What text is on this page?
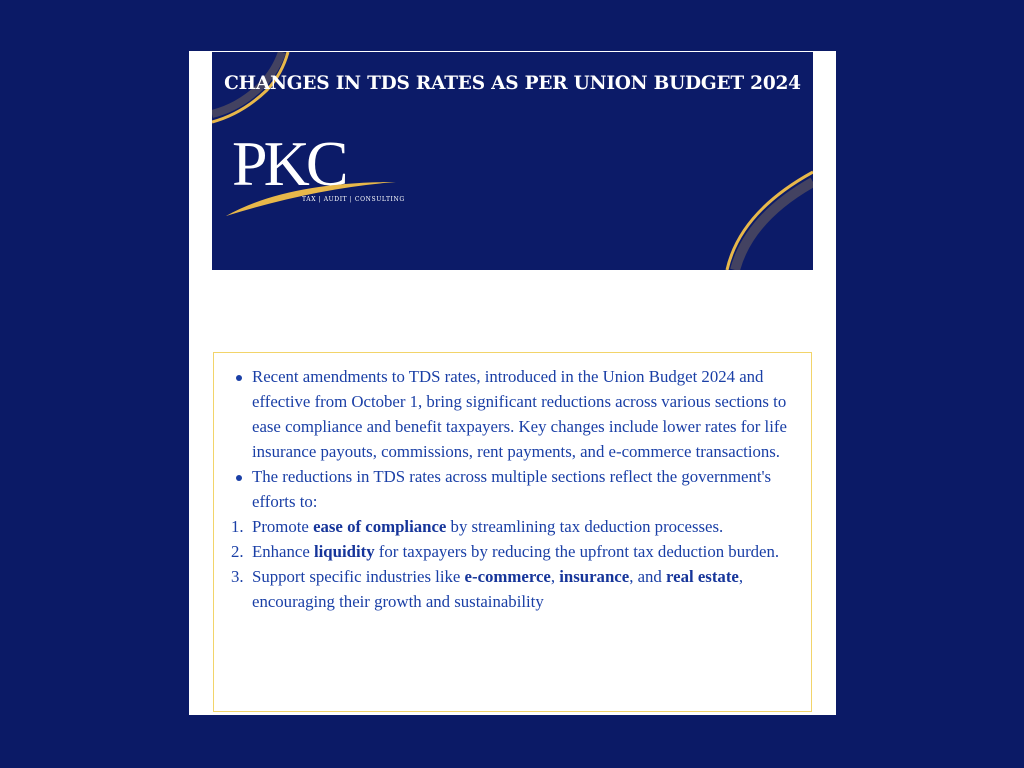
CHANGES IN TDS RATES AS PER UNION BUDGET 2024
PKC
TAX | AUDIT | CONSULTING
Recent amendments to TDS rates, introduced in the Union Budget 2024 and effective from October 1, bring significant reductions across various sections to ease compliance and benefit taxpayers. Key changes include lower rates for life insurance payouts, commissions, rent payments, and e-commerce transactions.
The reductions in TDS rates across multiple sections reflect the government's efforts to:
1. Promote ease of compliance by streamlining tax deduction processes.
2. Enhance liquidity for taxpayers by reducing the upfront tax deduction burden.
3. Support specific industries like e-commerce, insurance, and real estate, encouraging their growth and sustainability
